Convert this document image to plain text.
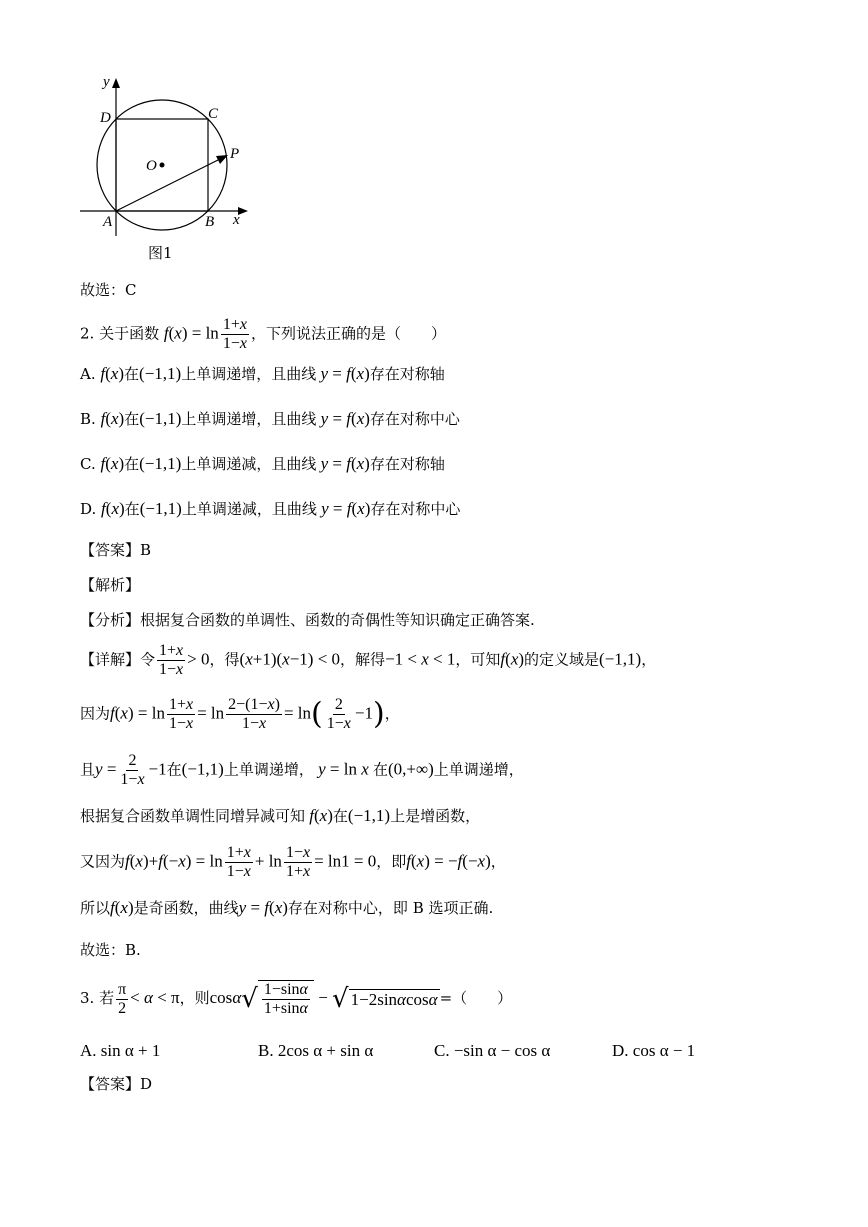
y
D	C
O
P
A	B x
图1
故选：C
2. 关于函数 $f(x) = \ln \frac{1+x}{1-x}$ ，下列说法正确的是（　　）
A. f(x)在(−1,1)上单调递增，且曲线 y = f(x)存在对称轴
B. f(x)在(−1,1)上单调递增，且曲线 y = f(x)存在对称中心
C. f(x)在(−1,1)上单调递减，且曲线 y = f(x)存在对称轴
D. f(x)在(−1,1)上单调递减，且曲线 y = f(x)存在对称中心
【答案】B
【解析】
【分析】根据复合函数的单调性、函数的奇偶性等知识确定正确答案.
【详解】令 $\frac{1+x}{1-x} > 0$，得(x+1)(x−1) < 0，解得−1 < x < 1，可知f(x)的定义域是(−1,1)，
因为$f(x) = \ln \frac{1+x}{1-x} = \ln \frac{2-(1-x)}{1-x} = \ln( \frac{2}{1-x} -1)$，
且$y = \frac{2}{1-x} -1$在(−1,1)上单调递增， y = ln x 在(0,+∞)上单调递增，
根据复合函数单调性同增异减可知 f(x)在(−1,1)上是增函数，
又因为$f(x)+f(-x) = \ln \frac{1+x}{1-x} + \ln \frac{1-x}{1+x} = \ln 1 = 0$，即f(x) = −f(−x)，
所以f(x)是奇函数，曲线y = f(x)存在对称中心，即 B 选项正确.
故选：B.
3. 若 $\frac{\pi}{2} < \alpha < \pi$，则cosα √ $\frac{1-\sin\alpha}{1+\sin\alpha}$ − √ 1−2sin α cos α =（　　）
A. sin α + 1	B. 2cos α + sin α	C. −sin α − cos α	D. cos α − 1
【答案】D
